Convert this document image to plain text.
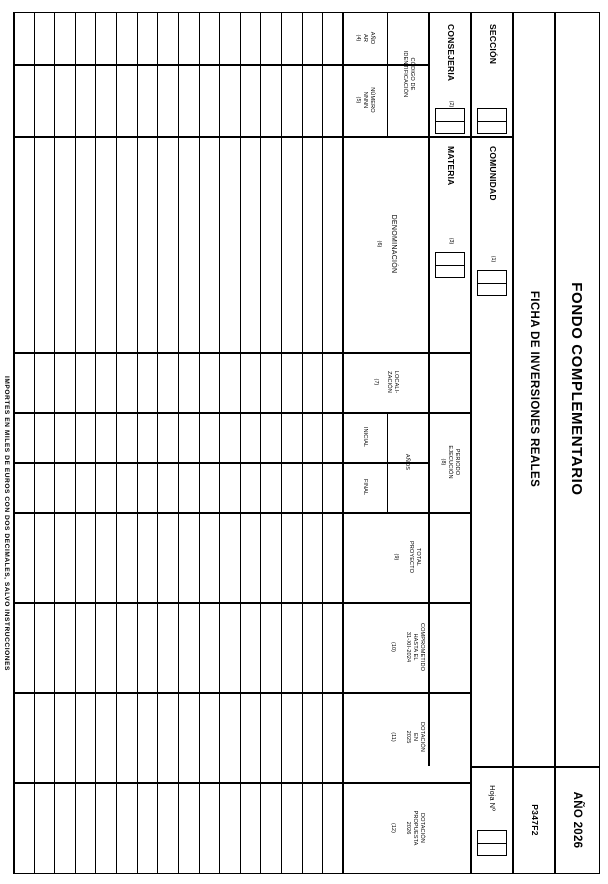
FONDO COMPLEMENTARIO
AÑO 2026
P347F2
FICHA DE INVERSIONES REALES
SECCIÓN
COMUNIDAD
(1)
Hoja Nº
CONSEJERIA
(2)
MATERIA
(3)
CÓDIGO DE
IDENTIFICACIÓN
AÑO
AR
(4)
NÚMERO
NNNN
(5)
DENOMINACIÓN
(6)
LOCALI-
ZACIÓN
(7)
PERIODO
EJECUCIÓN
(8)
AÑOS
INICIAL
FINAL
TOTAL
PROYECTO
(9)
COMPROMETIDO
HASTA EL
31-XII-2024
(10)
DOTACIÓN
EN
2025
(11)
DOTACIÓN
PROPUESTA
2026
(12)
IMPORTES EN MILES DE EUROS CON DOS DECIMALES, SALVO INSTRUCCIONES
